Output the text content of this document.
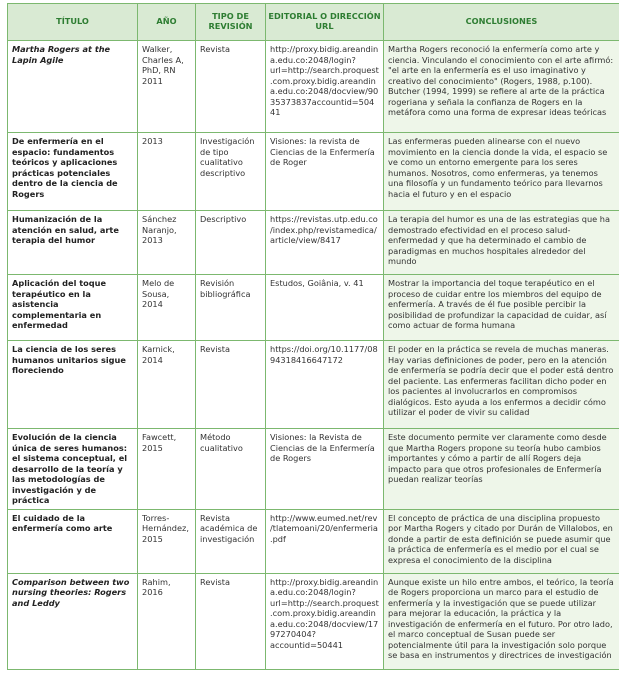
TÍTULO	AÑO	TIPO DE REVISIÓN	EDITORIAL O DIRECCIÓN URL	CONCLUSIONES
Martha Rogers at the Lapin Agile	Walker, Charles A, PhD, RN 2011	Revista	http://proxy.bidig.areandina.edu.co:2048/login?url=http://search.proquest.com.proxy.bidig.areandina.edu.co:2048/docview/9035373837accountid=50441	Martha Rogers reconoció la enfermería como arte y ciencia. Vinculando el conocimiento con el arte afirmó: "el arte en la enfermería es el uso imaginativo y creativo del conocimiento" (Rogers, 1988, p.100). Butcher (1994, 1999) se refiere al arte de la práctica rogeriana y señala la confianza de Rogers en la metáfora como una forma de expresar ideas teóricas
De enfermería en el espacio: fundamentos teóricos y aplicaciones prácticas potenciales dentro de la ciencia de Rogers	2013	Investigación de tipo cualitativo descriptivo	Visiones: la revista de Ciencias de la Enfermería de Roger	Las enfermeras pueden alinearse con el nuevo movimiento en la ciencia donde la vida, el espacio se ve como un entorno emergente para los seres humanos. Nosotros, como enfermeras, ya tenemos una filosofía y un fundamento teórico para llevarnos hacia el futuro y en el espacio
Humanización de la atención en salud, arte terapia del humor	Sánchez Naranjo, 2013	Descriptivo	https://revistas.utp.edu.co/index.php/revistamedica/article/view/8417	La terapia del humor es una de las estrategias que ha demostrado efectividad en el proceso salud-enfermedad y que ha determinado el cambio de paradigmas en muchos hospitales alrededor del mundo
Aplicación del toque terapéutico en la asistencia complementaria en enfermedad	Melo de Sousa, 2014	Revisión bibliográfica	Estudos, Goiânia, v. 41	Mostrar la importancia del toque terapéutico en el proceso de cuidar entre los miembros del equipo de enfermería. A través de él fue posible percibir la posibilidad de profundizar la capacidad de cuidar, así como actuar de forma humana
La ciencia de los seres humanos unitarios sigue floreciendo	Karnick, 2014	Revista	https://doi.org/10.1177/0894318416647172	El poder en la práctica se revela de muchas maneras. Hay varias definiciones de poder, pero en la atención de enfermería se podría decir que el poder está dentro del paciente. Las enfermeras facilitan dicho poder en los pacientes al involucrarlos en compromisos dialógicos. Esto ayuda a los enfermos a decidir cómo utilizar el poder de vivir su calidad
Evolución de la ciencia única de seres humanos: el sistema conceptual, el desarrollo de la teoría y las metodologías de investigación y de práctica	Fawcett, 2015	Método cualitativo	Visiones: la Revista de Ciencias de la Enfermería de Rogers	Este documento permite ver claramente como desde que Martha Rogers propone su teoría hubo cambios importantes y cómo a partir de allí Rogers deja impacto para que otros profesionales de Enfermería puedan realizar teorías
El cuidado de la enfermería como arte	Torres-Hernández, 2015	Revista académica de investigación	http://www.eumed.net/rev/tlatemoani/20/enfermeria.pdf	El concepto de práctica de una disciplina propuesto por Martha Rogers y citado por Durán de Villalobos, en donde a partir de esta definición se puede asumir que la práctica de enfermería es el medio por el cual se expresa el conocimiento de la disciplina
Comparison between two nursing theories: Rogers and Leddy	Rahim, 2016	Revista	http://proxy.bidig.areandina.edu.co:2048/login?url=http://search.proquest.com.proxy.bidig.areandina.edu.co:2048/docview/1797270404?accountid=50441	Aunque existe un hilo entre ambos, el teórico, la teoría de Rogers proporciona un marco para el estudio de enfermería y la investigación que se puede utilizar para mejorar la educación, la práctica y la investigación de enfermería en el futuro. Por otro lado, el marco conceptual de Susan puede ser potencialmente útil para la investigación solo porque se basa en instrumentos y directrices de investigación
